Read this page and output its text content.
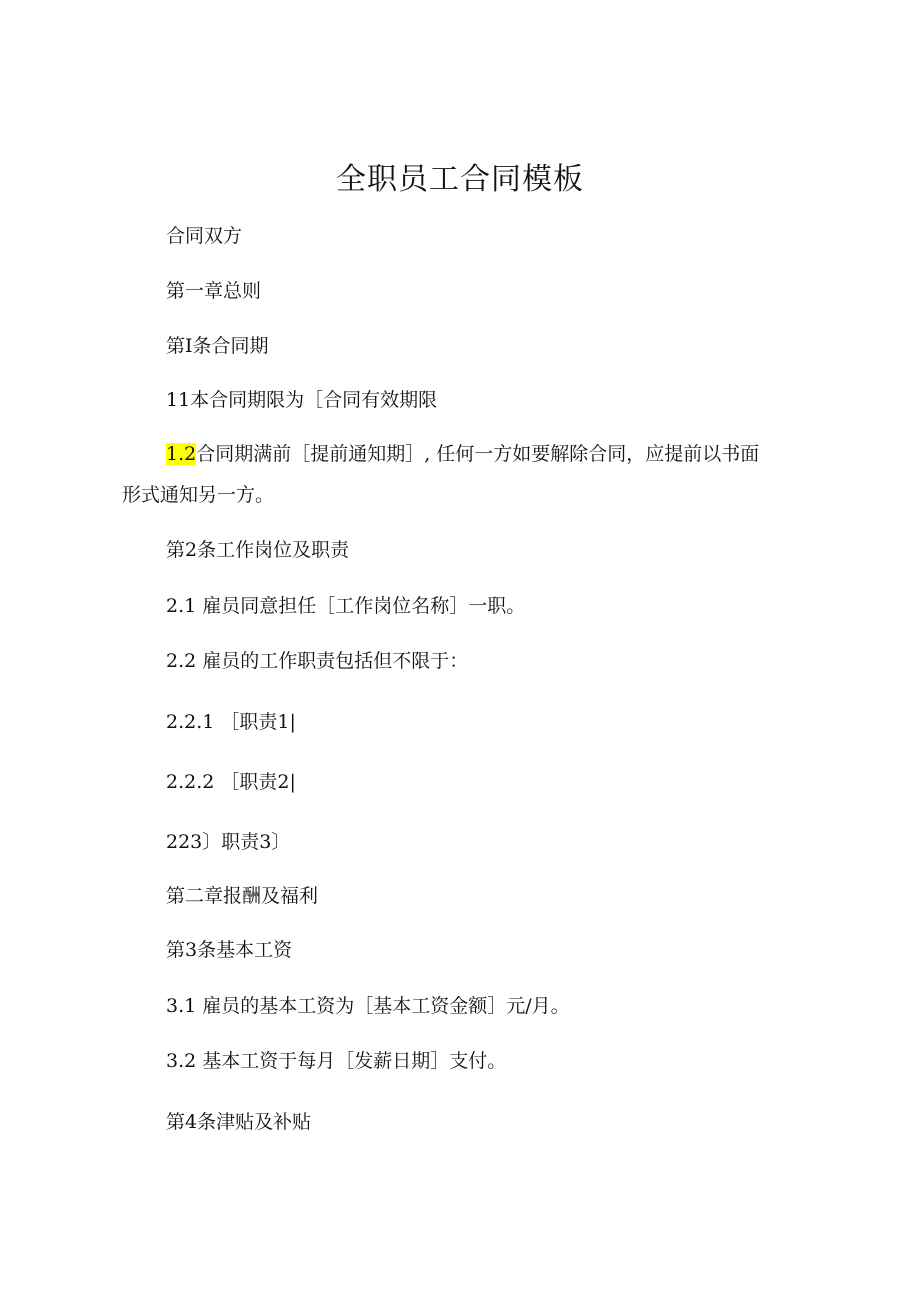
全职员工合同模板
合同双方
第一章总则
第I条合同期
11本合同期限为［合同有效期限
1.2合同期满前［提前通知期］, 任何一方如要解除合同，应提前以书面
形式通知另一方。
第2条工作岗位及职责
2.1 雇员同意担任［工作岗位名称］一职。
2.2 雇员的工作职责包括但不限于：
2.2.1 ［职责1|
2.2.2 ［职责2|
223〕职责3〕
第二章报酬及福利
第3条基本工资
3.1 雇员的基本工资为［基本工资金额］元/月。
3.2 基本工资于每月［发薪日期］支付。
第4条津贴及补贴
